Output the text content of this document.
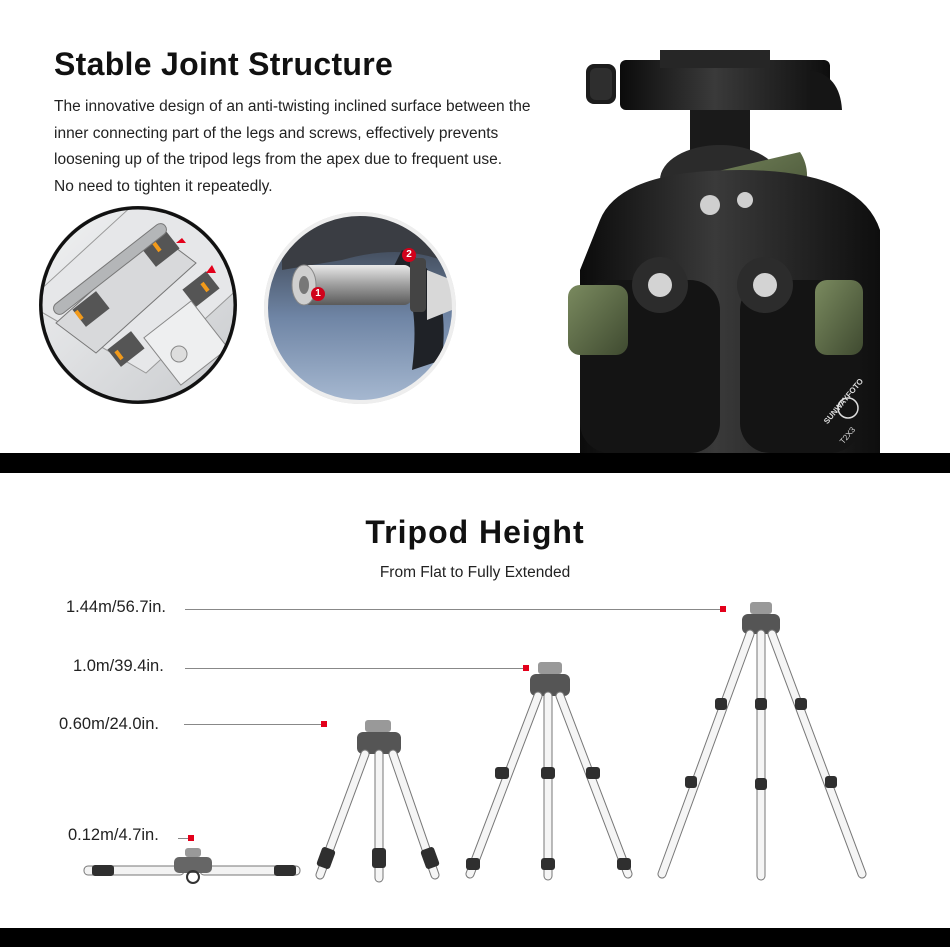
Stable Joint Structure
The innovative design of an anti-twisting inclined surface between the
inner connecting part of the legs and screws, effectively prevents
loosening up of the tripod legs from the apex due to frequent use.
No need to tighten it repeatedly.
1
2
SUNWAYFOTO
T2X3
Tripod Height
From Flat to Fully Extended
1.44m/56.7in.
1.0m/39.4in.
0.60m/24.0in.
0.12m/4.7in.
